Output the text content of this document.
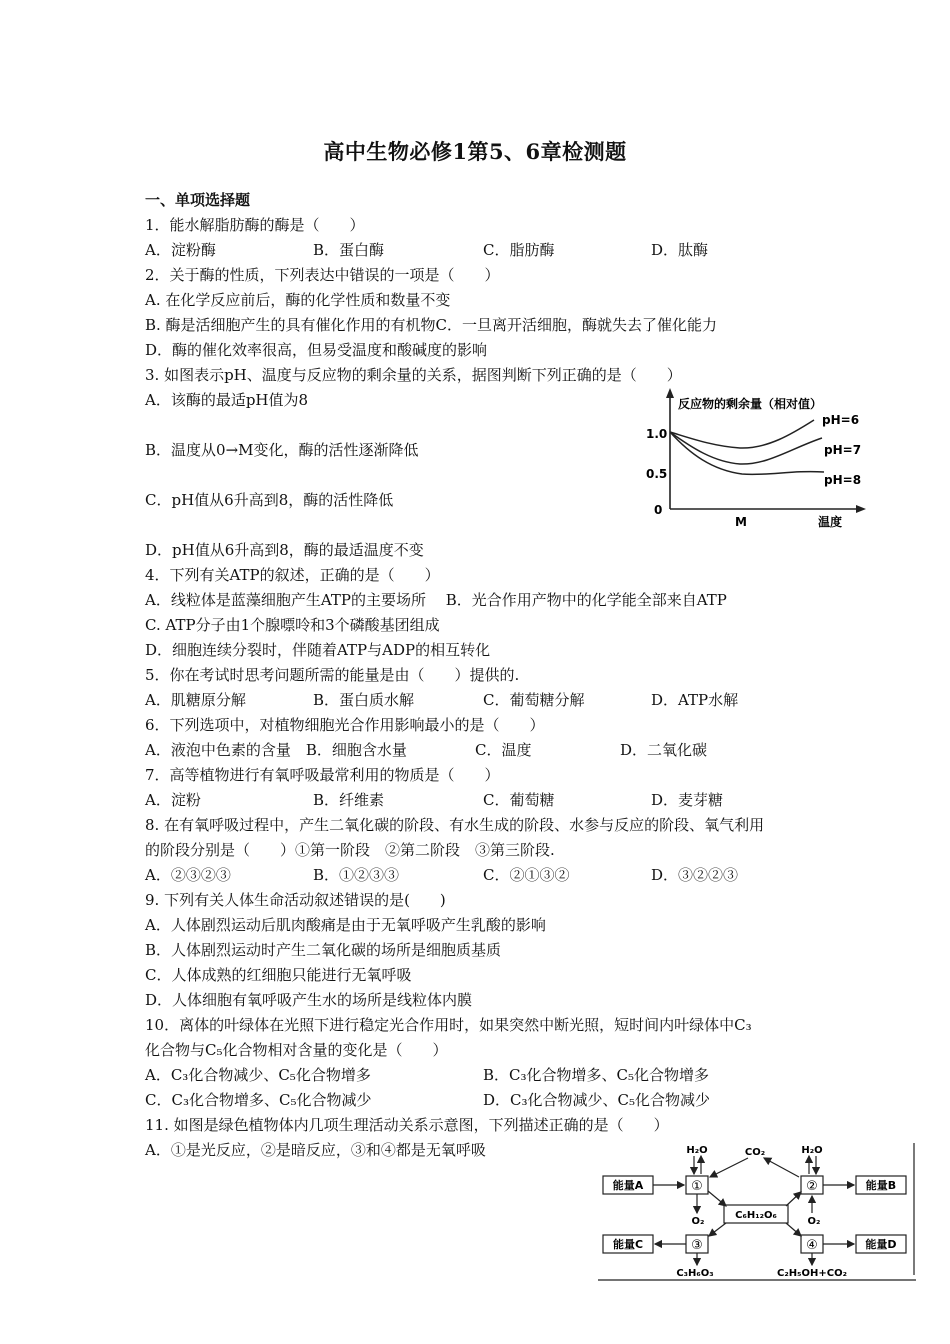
高中生物必修1第5、6章检测题
一、单项选择题
1．能水解脂肪酶的酶是（　　）
A．淀粉酶	B．蛋白酶	C．脂肪酶	D．肽酶
2．关于酶的性质，下列表达中错误的一项是（　　）
A. 在化学反应前后，酶的化学性质和数量不变
B. 酶是活细胞产生的具有催化作用的有机物C．一旦离开活细胞，酶就失去了催化能力
D．酶的催化效率很高，但易受温度和酸碱度的影响
3. 如图表示pH、温度与反应物的剩余量的关系，据图判断下列正确的是（　　）
A．该酶的最适pH值为8
B．温度从0→M变化，酶的活性逐渐降低
C．pH值从6升高到8，酶的活性降低
D．pH值从6升高到8，酶的最适温度不变
反应物的剩余量（相对值）
1.0
0.5
0
M	温度
pH=6
pH=7
pH=8
4．下列有关ATP的叙述，正确的是（　　）
A．线粒体是蓝藻细胞产生ATP的主要场所　 B．光合作用产物中的化学能全部来自ATP
C. ATP分子由1个腺嘌呤和3个磷酸基团组成
D．细胞连续分裂时，伴随着ATP与ADP的相互转化
5．你在考试时思考问题所需的能量是由（　　）提供的.
A．肌糖原分解	B．蛋白质水解	C．葡萄糖分解	D．ATP水解
6．下列选项中，对植物细胞光合作用影响最小的是（　　）
A．液泡中色素的含量　B．细胞含水量	C．温度	D．二氧化碳
7．高等植物进行有氧呼吸最常利用的物质是（　　）
A．淀粉	B．纤维素	C．葡萄糖	D．麦芽糖
8. 在有氧呼吸过程中，产生二氧化碳的阶段、有水生成的阶段、水参与反应的阶段、氧气利用
的阶段分别是（　　）①第一阶段　②第二阶段　③第三阶段.
A．②③②③	B．①②③③	C．②①③②	D．③②②③
9. 下列有关人体生命活动叙述错误的是(　　)
A．人体剧烈运动后肌肉酸痛是由于无氧呼吸产生乳酸的影响
B．人体剧烈运动时产生二氧化碳的场所是细胞质基质
C．人体成熟的红细胞只能进行无氧呼吸
D．人体细胞有氧呼吸产生水的场所是线粒体内膜
10．离体的叶绿体在光照下进行稳定光合作用时，如果突然中断光照，短时间内叶绿体中C₃
化合物与C₅化合物相对含量的变化是（　　）
A．C₃化合物减少、C₅化合物增多	B．C₃化合物增多、C₅化合物增多
C．C₃化合物增多、C₅化合物减少	D．C₃化合物减少、C₅化合物减少
11. 如图是绿色植物体内几项生理活动关系示意图，下列描述正确的是（　　）
A．①是光反应，②是暗反应，③和④都是无氧呼吸
能量A	能量B
能量C	能量D
①	②
③	④
C₆H₁₂O₆
H₂O	CO₂	H₂O
O₂	O₂
C₃H₆O₃	C₂H₅OH+CO₂
